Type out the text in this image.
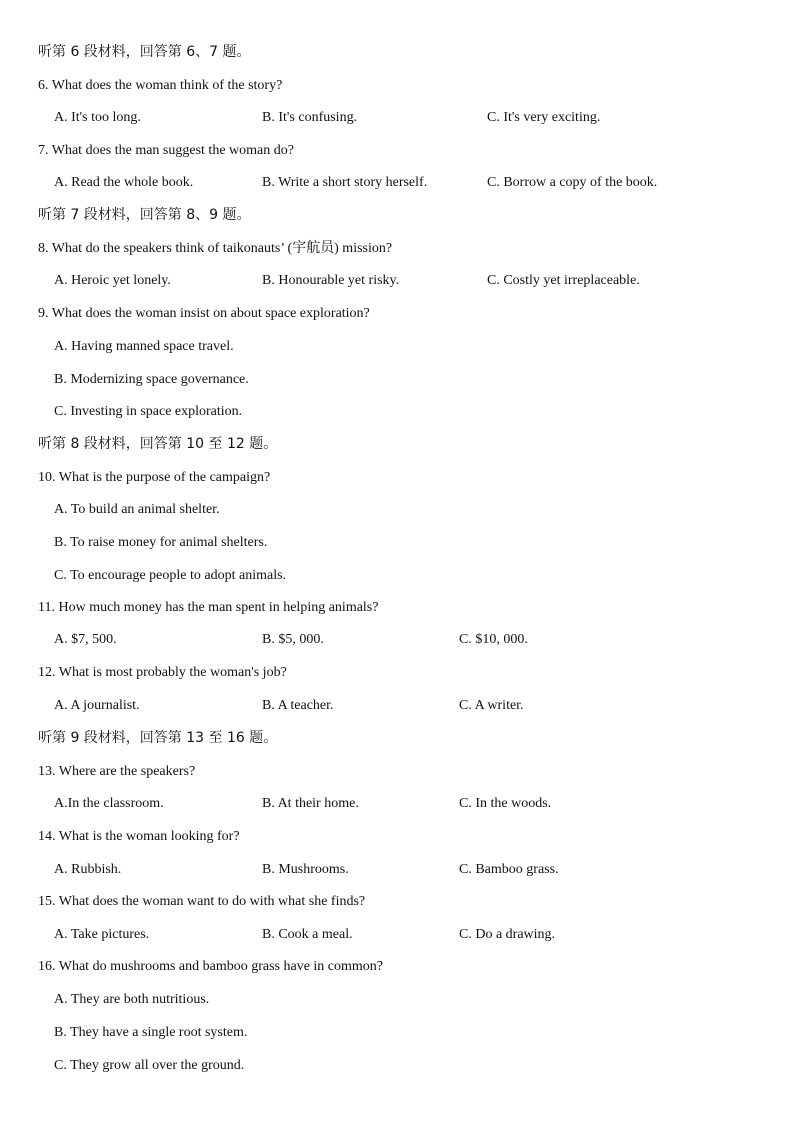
听第 6 段材料，回答第 6、7 题。
6. What does the woman think of the story?
A. It's too long.	B. It's confusing.	C. It's very exciting.
7. What does the man suggest the woman do?
A. Read the whole book.	B. Write a short story herself.	C. Borrow a copy of the book.
听第 7 段材料，回答第 8、9 题。
8. What do the speakers think of taikonauts’ (宇航员) mission?
A. Heroic yet lonely.	B. Honourable yet risky.	C. Costly yet irreplaceable.
9. What does the woman insist on about space exploration?
A. Having manned space travel.
B. Modernizing space governance.
C. Investing in space exploration.
听第 8 段材料，回答第 10 至 12 题。
10. What is the purpose of the campaign?
A. To build an animal shelter.
B. To raise money for animal shelters.
C. To encourage people to adopt animals.
11. How much money has the man spent in helping animals?
A. $7, 500.	B. $5, 000.	C. $10, 000.
12. What is most probably the woman's job?
A. A journalist.	B. A teacher.	C. A writer.
听第 9 段材料，回答第 13 至 16 题。
13. Where are the speakers?
A.In the classroom.	B. At their home.	C. In the woods.
14. What is the woman looking for?
A. Rubbish.	B. Mushrooms.	C. Bamboo grass.
15. What does the woman want to do with what she finds?
A. Take pictures.	B. Cook a meal.	C. Do a drawing.
16. What do mushrooms and bamboo grass have in common?
A. They are both nutritious.
B. They have a single root system.
C. They grow all over the ground.
